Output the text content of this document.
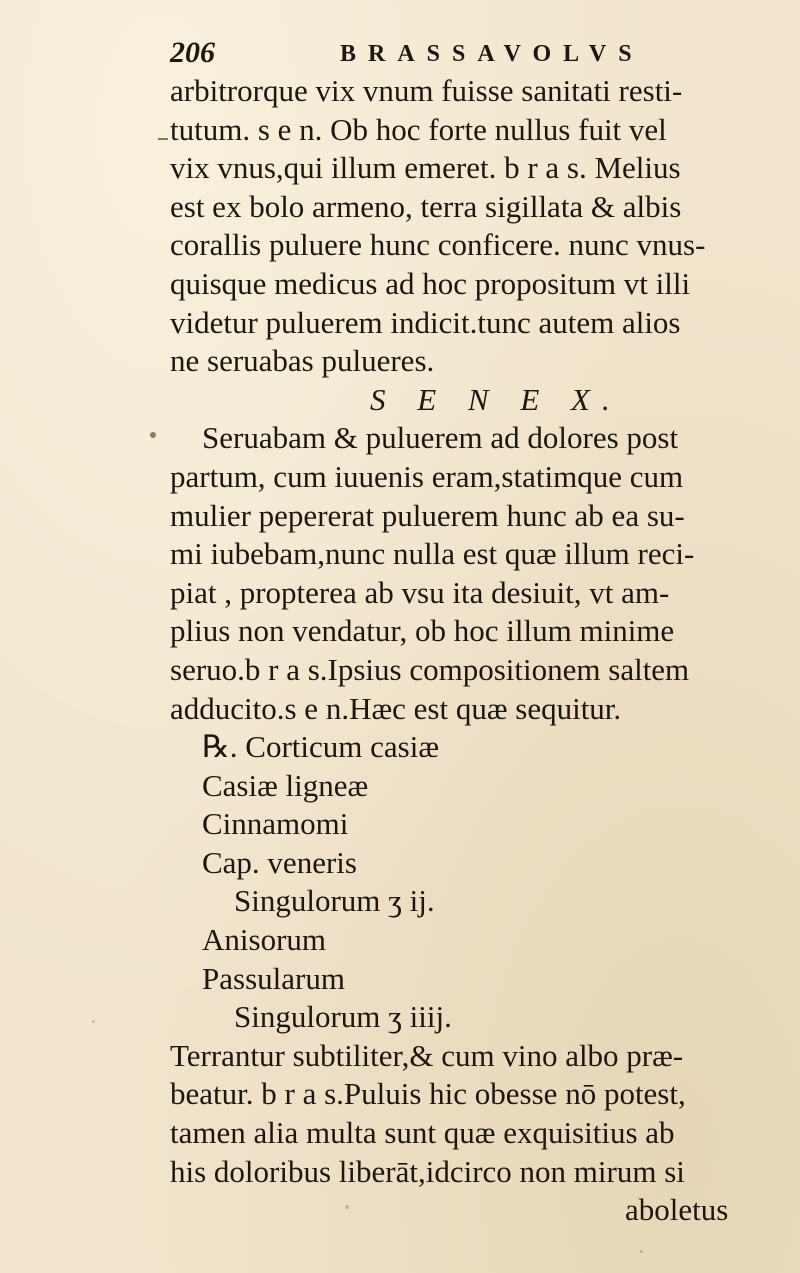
206	BRASSAVOLVS
arbitrorque vix vnum fuisse sanitati resti-
tutum. s e n. Ob hoc forte nullus fuit vel
vix vnus,qui illum emeret. b r a s. Melius
est ex bolo armeno, terra sigillata & albis
corallis puluere hunc conficere. nunc vnus-
quisque medicus ad hoc propositum vt illi
videtur puluerem indicit.tunc autem alios
ne seruabas pulueres.
S E N E X.
Seruabam & puluerem ad dolores post
partum, cum iuuenis eram,statimque cum
mulier pepererat puluerem hunc ab ea su-
mi iubebam,nunc nulla est quæ illum reci-
piat , propterea ab vsu ita desiuit, vt am-
plius non vendatur, ob hoc illum minime
seruo.b r a s.Ipsius compositionem saltem
adducito.s e n.Hæc est quæ sequitur.
℞. Corticum casiæ
Casiæ ligneæ
Cinnamomi
Cap. veneris
Singulorum ʒ ij.
Anisorum
Passularum
Singulorum ʒ iiij.
Terrantur subtiliter,& cum vino albo præ-
beatur. b r a s.Puluis hic obesse nō potest,
tamen alia multa sunt quæ exquisitius ab
his doloribus liberāt,idcirco non mirum si
aboletus
